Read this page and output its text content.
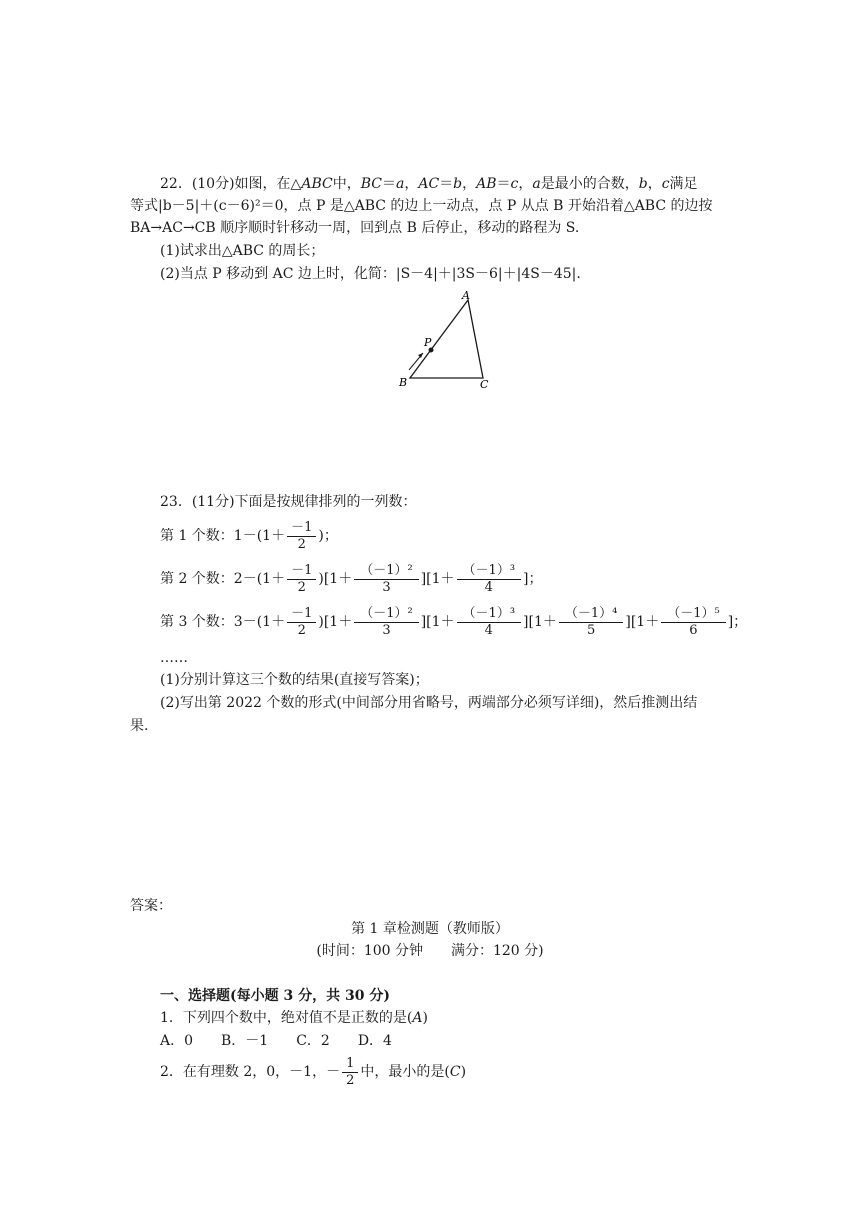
22．(10分)如图，在△ABC中，BC＝a，AC＝b，AB＝c，a是最小的合数，b，c满足
等式|b－5|＋(c－6)²＝0，点 P 是△ABC 的边上一动点，点 P 从点 B 开始沿着△ABC 的边按
BA→AC→CB 顺序顺时针移动一周，回到点 B 后停止，移动的路程为 S.
(1)试求出△ABC 的周长；
(2)当点 P 移动到 AC 边上时，化简：|S－4|＋|3S－6|＋|4S－45|.
A
P
B	C
23．(11分)下面是按规律排列的一列数：
第 1 个数：$1-(1+ \frac{-1}{2}$ )；
第 2 个数：$2-(1+ \frac{-1}{2} )[1+ \frac{\text{（－1）²}}{3} ][1+ \frac{\text{（－1）³}}{4}$ ]；
第 3 个数：$3-(1+ \frac{-1}{2} )[1+ \frac{\text{（－1）²}}{3} ][1+ \frac{\text{（－1）³}}{4} ][1+ \frac{\text{（－1）⁴}}{5} ][1+ \frac{\text{（－1）⁵}}{6}$ ]；
……
(1)分别计算这三个数的结果(直接写答案)；
(2)写出第 2022 个数的形式(中间部分用省略号，两端部分必须写详细)，然后推测出结
果.
答案：
第 1 章检测题（教师版）
(时间：100 分钟　　满分：120 分)
一、选择题(每小题 3 分，共 30 分)
1．下列四个数中，绝对值不是正数的是(A)
A．0　　B．－1　　C．2　　D．4
2．在有理数 2，0，－1，－ $\frac{1}{2}$ 中，最小的是(C)
